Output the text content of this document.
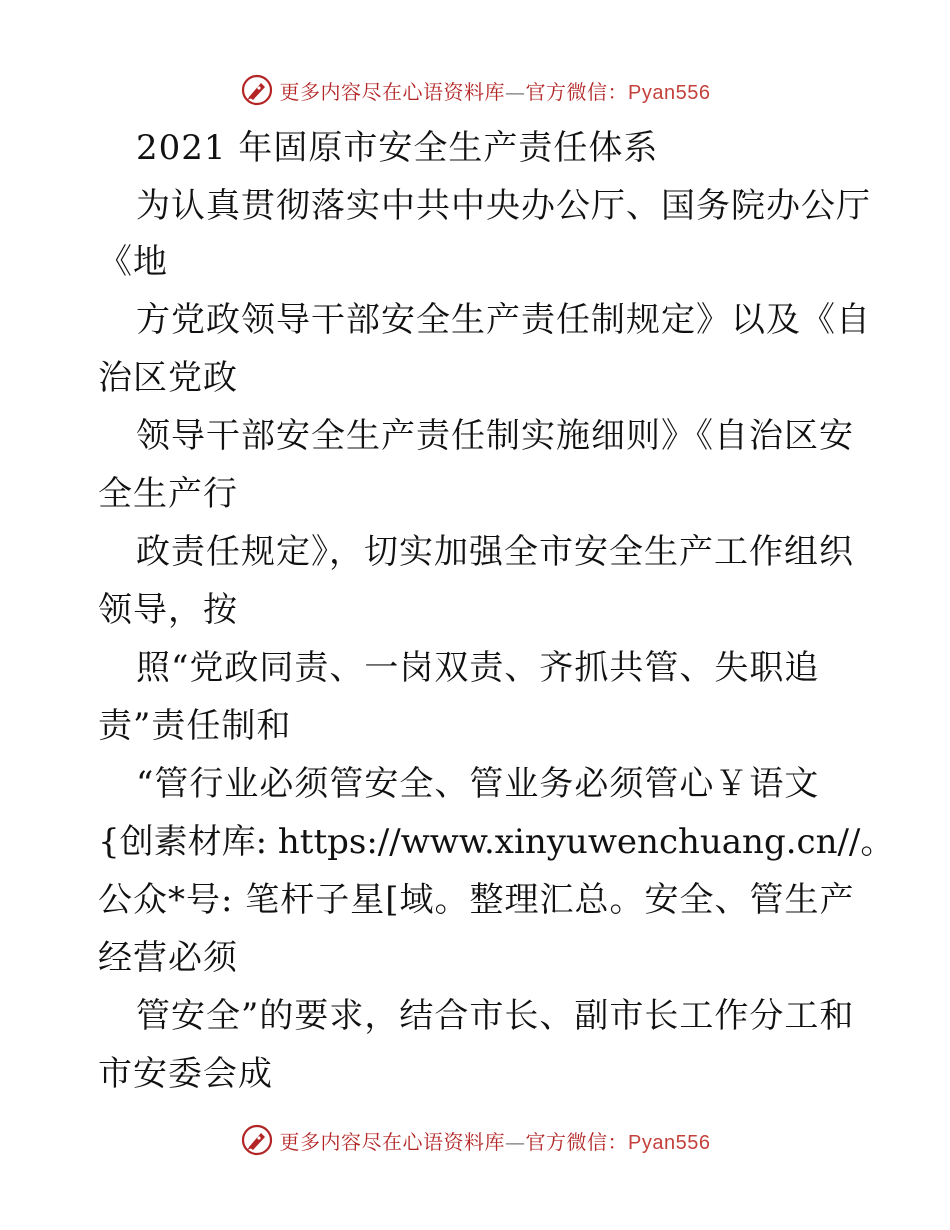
更多内容尽在心语资料库—官方微信：Pyan556
2021 年固原市安全生产责任体系
为认真贯彻落实中共中央办公厅、国务院办公厅
《地
方党政领导干部安全生产责任制规定》以及《自
治区党政
领导干部安全生产责任制实施细则》《自治区安
全生产行
政责任规定》，切实加强全市安全生产工作组织
领导，按
照“党政同责、一岗双责、齐抓共管、失职追
责”责任制和
“管行业必须管安全、管业务必须管心￥语文
{创素材库: https://www.xinyuwenchuang.cn//。
公众*号: 笔杆子星[域。整理汇总。安全、管生产
经营必须
管安全”的要求，结合市长、副市长工作分工和
市安委会成
更多内容尽在心语资料库—官方微信：Pyan556
